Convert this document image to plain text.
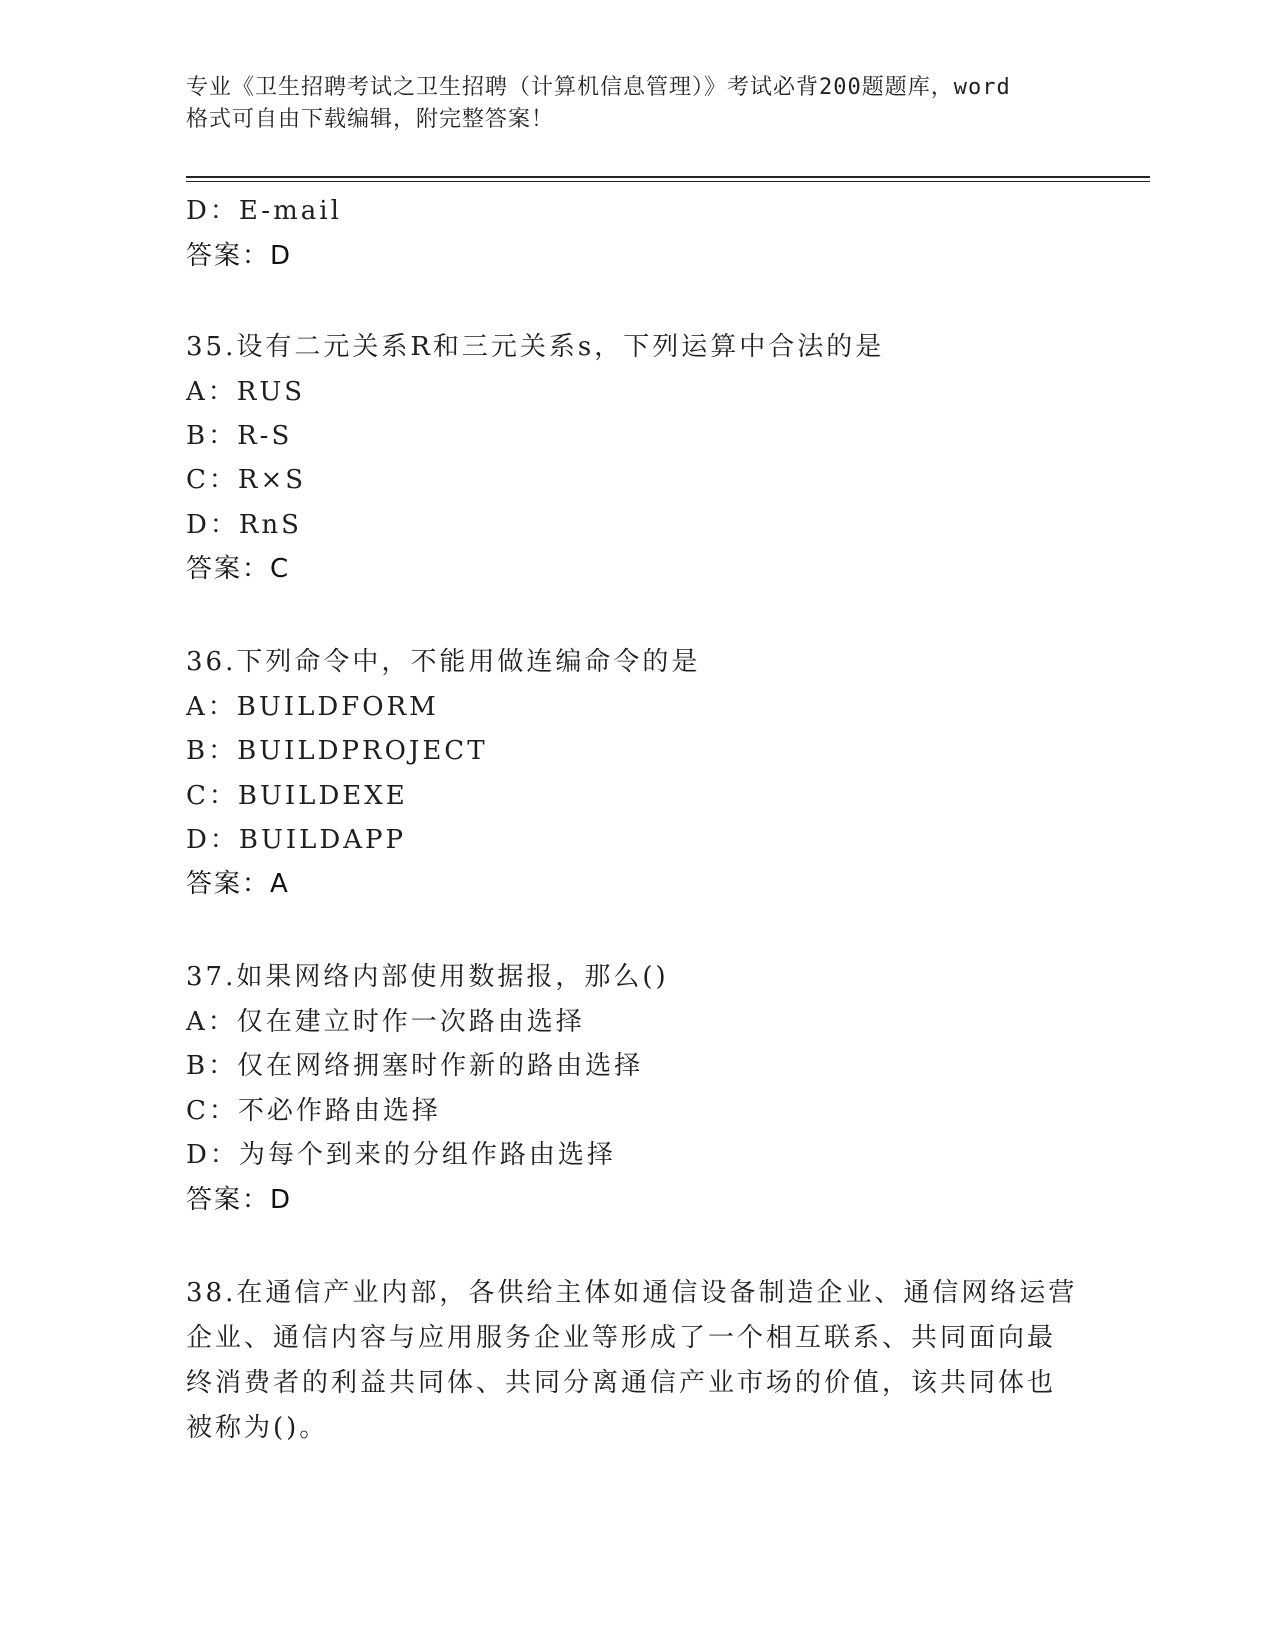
专业《卫生招聘考试之卫生招聘（计算机信息管理）》考试必背200题题库，word
格式可自由下载编辑，附完整答案！
D：E-mail
答案：D
35.设有二元关系R和三元关系s，下列运算中合法的是
A：RUS
B：R-S
C：R×S
D：RnS
答案：C
36.下列命令中，不能用做连编命令的是
A：BUILDFORM
B：BUILDPROJECT
C：BUILDEXE
D：BUILDAPP
答案：A
37.如果网络内部使用数据报，那么()
A：仅在建立时作一次路由选择
B：仅在网络拥塞时作新的路由选择
C：不必作路由选择
D：为每个到来的分组作路由选择
答案：D
38.在通信产业内部，各供给主体如通信设备制造企业、通信网络运营
企业、通信内容与应用服务企业等形成了一个相互联系、共同面向最
终消费者的利益共同体、共同分离通信产业市场的价值，该共同体也
被称为()。
